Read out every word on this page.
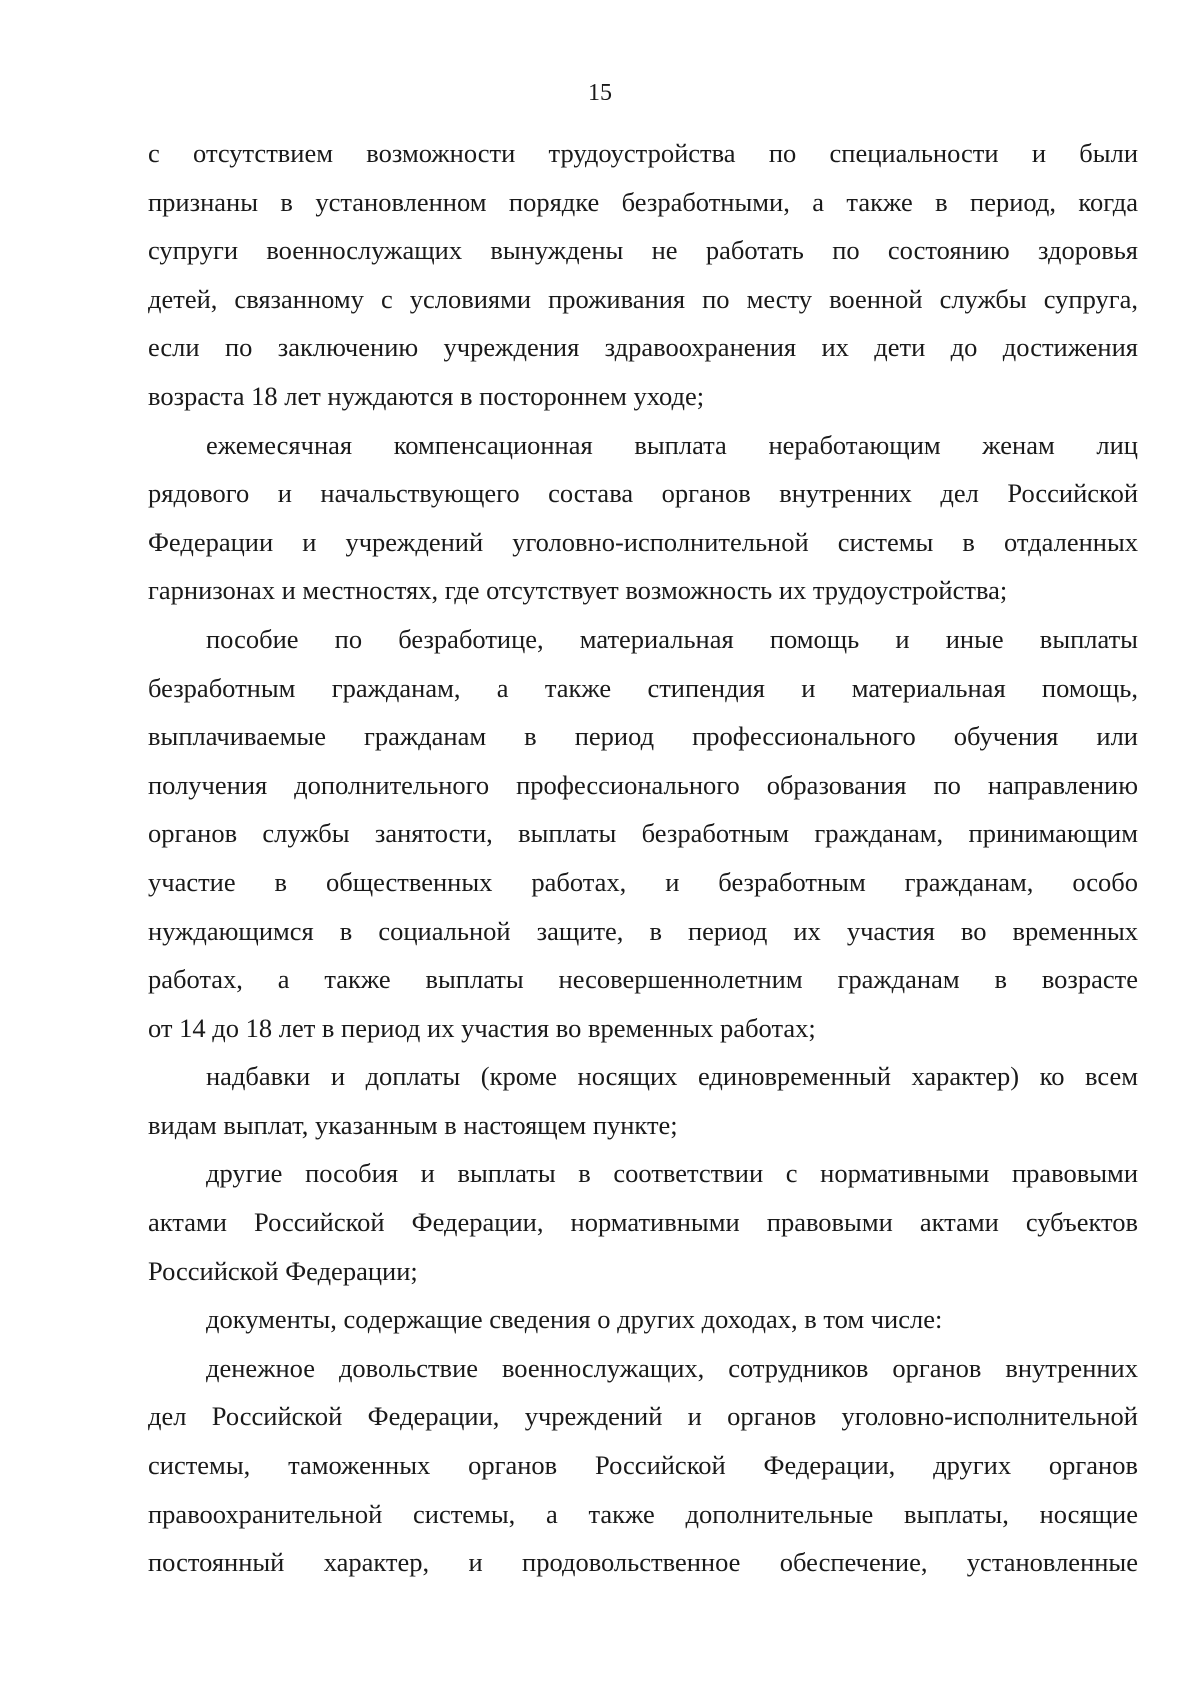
15
с отсутствием возможности трудоустройства по специальности и были
признаны в установленном порядке безработными, а также в период, когда
супруги военнослужащих вынуждены не работать по состоянию здоровья
детей, связанному с условиями проживания по месту военной службы супруга,
если по заключению учреждения здравоохранения их дети до достижения
возраста 18 лет нуждаются в постороннем уходе;
ежемесячная компенсационная выплата неработающим женам лиц
рядового и начальствующего состава органов внутренних дел Российской
Федерации и учреждений уголовно-исполнительной системы в отдаленных
гарнизонах и местностях, где отсутствует возможность их трудоустройства;
пособие по безработице, материальная помощь и иные выплаты
безработным гражданам, а также стипендия и материальная помощь,
выплачиваемые гражданам в период профессионального обучения или
получения дополнительного профессионального образования по направлению
органов службы занятости, выплаты безработным гражданам, принимающим
участие в общественных работах, и безработным гражданам, особо
нуждающимся в социальной защите, в период их участия во временных
работах, а также выплаты несовершеннолетним гражданам в возрасте
от 14 до 18 лет в период их участия во временных работах;
надбавки и доплаты (кроме носящих единовременный характер) ко всем
видам выплат, указанным в настоящем пункте;
другие пособия и выплаты в соответствии с нормативными правовыми
актами Российской Федерации, нормативными правовыми актами субъектов
Российской Федерации;
документы, содержащие сведения о других доходах, в том числе:
денежное довольствие военнослужащих, сотрудников органов внутренних
дел Российской Федерации, учреждений и органов уголовно-исполнительной
системы, таможенных органов Российской Федерации, других органов
правоохранительной системы, а также дополнительные выплаты, носящие
постоянный характер, и продовольственное обеспечение, установленные
